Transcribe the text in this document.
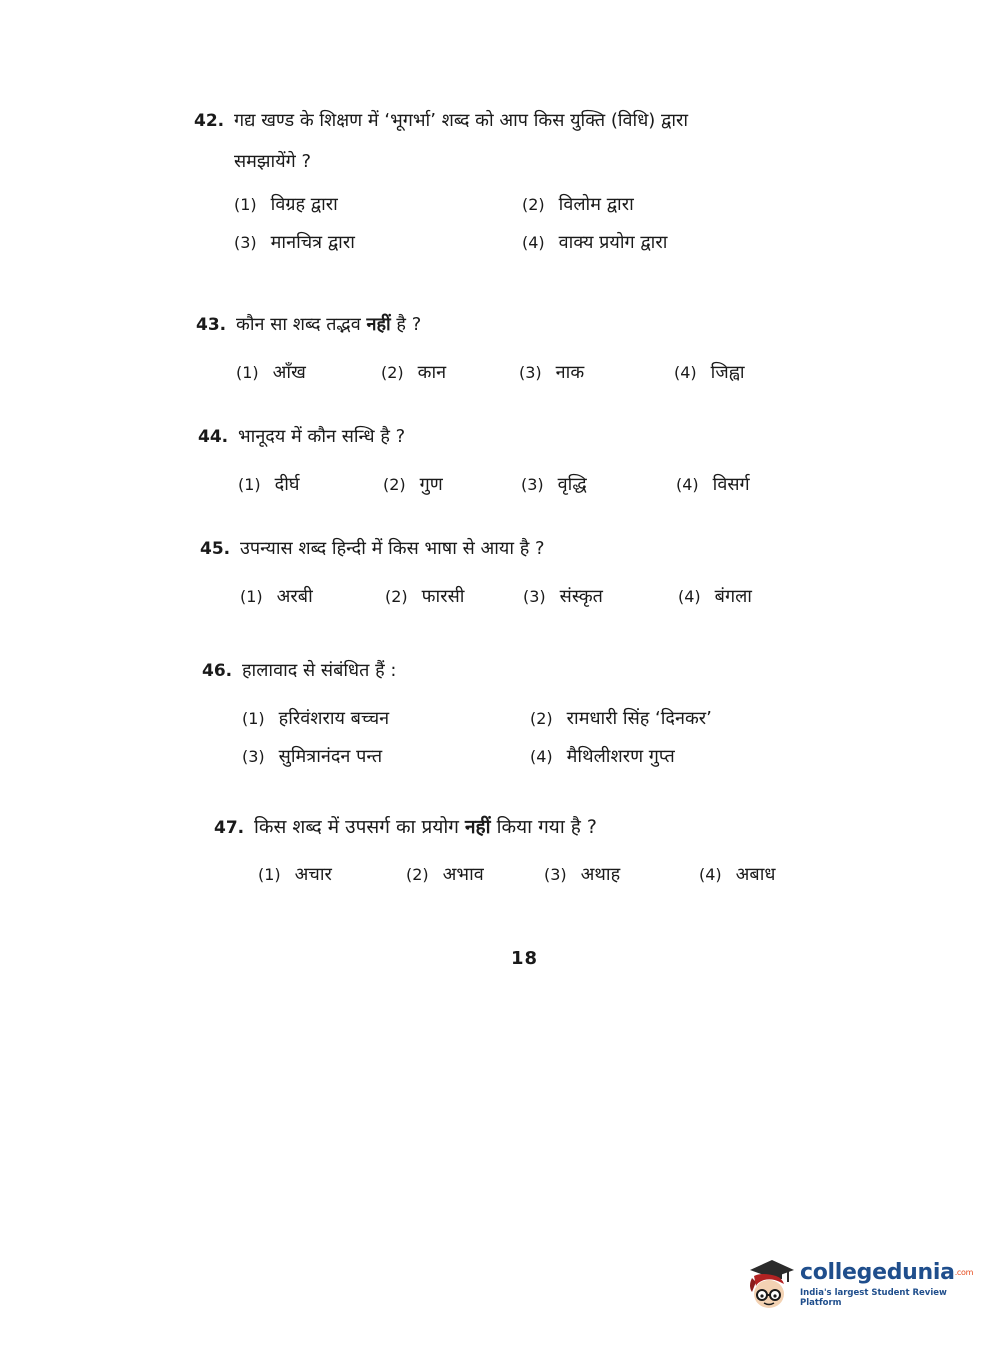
42. गद्य खण्ड के शिक्षण में ‘भूगर्भा’ शब्द को आप किस युक्ति (विधि) द्वारा
समझायेंगे ?
(1) विग्रह द्वारा	(2) विलोम द्वारा
(3) मानचित्र द्वारा	(4) वाक्य प्रयोग द्वारा
43. कौन सा शब्द तद्भव नहीं है ?
(1) आँख	(2) कान	(3) नाक	(4) जिह्वा
44. भानूदय में कौन सन्धि है ?
(1) दीर्घ	(2) गुण	(3) वृद्धि	(4) विसर्ग
45. उपन्यास शब्द हिन्दी में किस भाषा से आया है ?
(1) अरबी	(2) फारसी	(3) संस्कृत	(4) बंगला
46. हालावाद से संबंधित हैं :
(1) हरिवंशराय बच्चन	(2) रामधारी सिंह ‘दिनकर’
(3) सुमित्रानंदन पन्त	(4) मैथिलीशरण गुप्त
47. किस शब्द में उपसर्ग का प्रयोग नहीं किया गया है ?
(1) अचार	(2) अभाव	(3) अथाह	(4) अबाध
18
collegedunia.com
India's largest Student Review Platform
